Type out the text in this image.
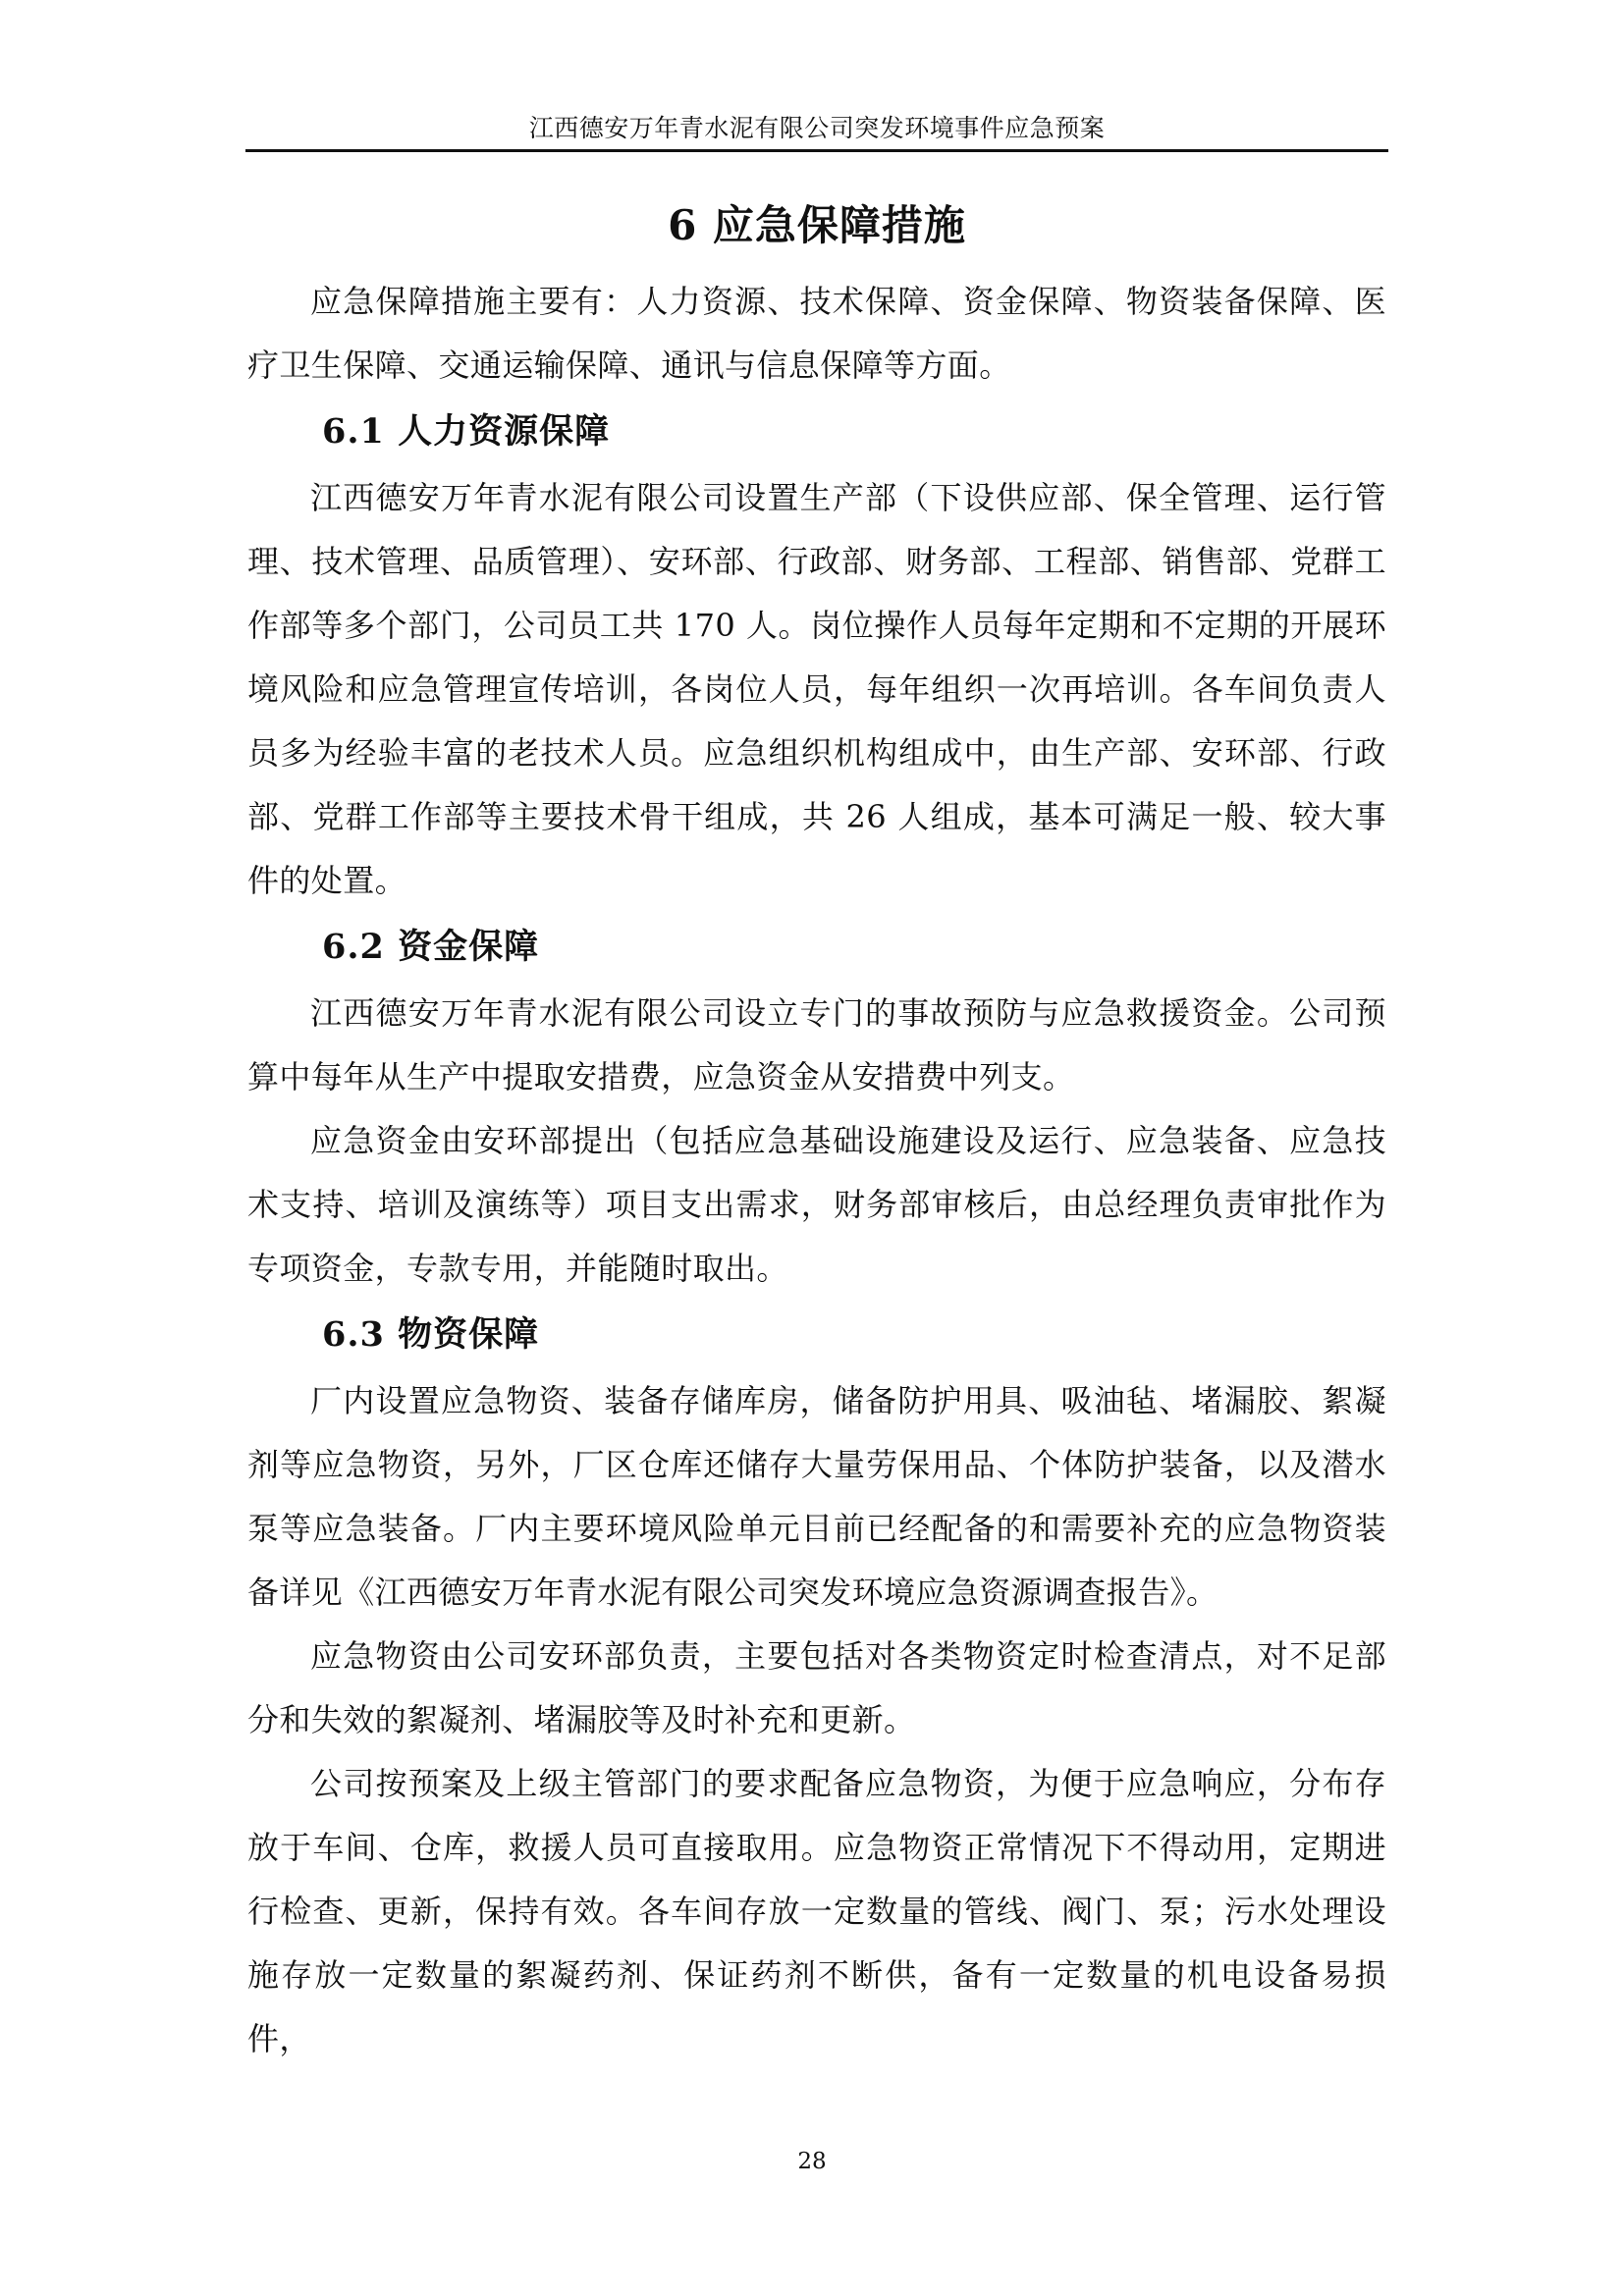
江西德安万年青水泥有限公司突发环境事件应急预案
6 应急保障措施

应急保障措施主要有：人力资源、技术保障、资金保障、物资装备保障、医疗卫生保障、交通运输保障、通讯与信息保障等方面。

6.1 人力资源保障

江西德安万年青水泥有限公司设置生产部（下设供应部、保全管理、运行管理、技术管理、品质管理）、安环部、行政部、财务部、工程部、销售部、党群工作部等多个部门，公司员工共 170 人。岗位操作人员每年定期和不定期的开展环境风险和应急管理宣传培训，各岗位人员，每年组织一次再培训。各车间负责人员多为经验丰富的老技术人员。应急组织机构组成中，由生产部、安环部、行政部、党群工作部等主要技术骨干组成，共 26 人组成，基本可满足一般、较大事件的处置。

6.2 资金保障

江西德安万年青水泥有限公司设立专门的事故预防与应急救援资金。公司预算中每年从生产中提取安措费，应急资金从安措费中列支。

应急资金由安环部提出（包括应急基础设施建设及运行、应急装备、应急技术支持、培训及演练等）项目支出需求，财务部审核后，由总经理负责审批作为专项资金，专款专用，并能随时取出。

6.3 物资保障

厂内设置应急物资、装备存储库房，储备防护用具、吸油毡、堵漏胶、絮凝剂等应急物资，另外，厂区仓库还储存大量劳保用品、个体防护装备，以及潜水泵等应急装备。厂内主要环境风险单元目前已经配备的和需要补充的应急物资装备详见《江西德安万年青水泥有限公司突发环境应急资源调查报告》。

应急物资由公司安环部负责，主要包括对各类物资定时检查清点，对不足部分和失效的絮凝剂、堵漏胶等及时补充和更新。

公司按预案及上级主管部门的要求配备应急物资，为便于应急响应，分布存放于车间、仓库，救援人员可直接取用。应急物资正常情况下不得动用，定期进行检查、更新，保持有效。各车间存放一定数量的管线、阀门、泵；污水处理设施存放一定数量的絮凝药剂、保证药剂不断供，备有一定数量的机电设备易损件，

28
